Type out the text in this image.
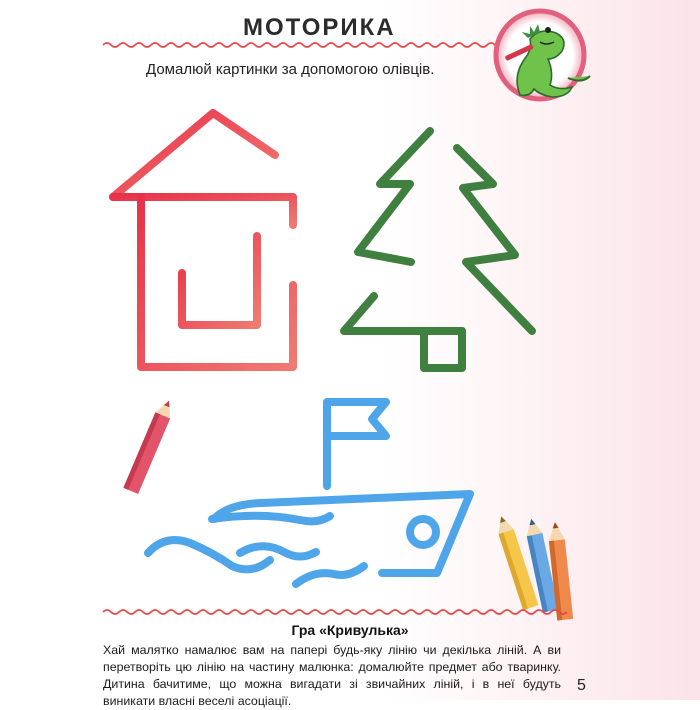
МОТОРИКА
Домалюй картинки за допомогою олівців.
Гра «Кривулька»
Хай малятко намалює вам на папері будь-яку лінію чи декілька ліній. А ви перетворіть цю лінію на частину малюнка: домалюйте предмет або тваринку. Дитина бачитиме, що можна вигадати зі звичайних ліній, і в неї будуть виникати власні веселі асоціації.
5
